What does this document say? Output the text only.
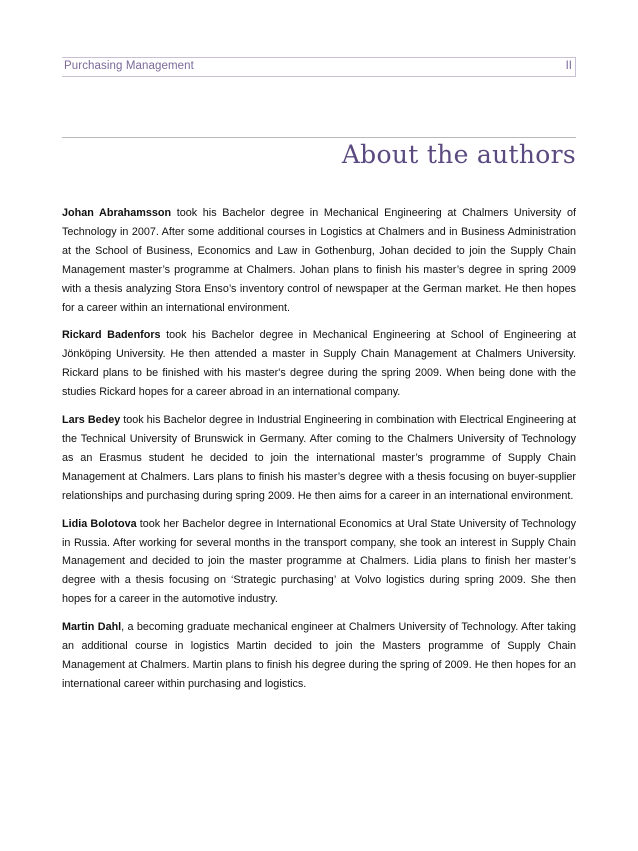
Purchasing Management	II
About the authors

Johan Abrahamsson took his Bachelor degree in Mechanical Engineering at Chalmers University of Technology in 2007. After some additional courses in Logistics at Chalmers and in Business Administration at the School of Business, Economics and Law in Gothenburg, Johan decided to join the Supply Chain Management master’s programme at Chalmers. Johan plans to finish his master’s degree in spring 2009 with a thesis analyzing Stora Enso’s inventory control of newspaper at the German market. He then hopes for a career within an international environment.

Rickard Badenfors took his Bachelor degree in Mechanical Engineering at School of Engineering at Jönköping University. He then attended a master in Supply Chain Management at Chalmers University. Rickard plans to be finished with his master's degree during the spring 2009. When being done with the studies Rickard hopes for a career abroad in an international company.

Lars Bedey took his Bachelor degree in Industrial Engineering in combination with Electrical Engineering at the Technical University of Brunswick in Germany. After coming to the Chalmers University of Technology as an Erasmus student he decided to join the international master’s programme of Supply Chain Management at Chalmers. Lars plans to finish his master’s degree with a thesis focusing on buyer-supplier relationships and purchasing during spring 2009. He then aims for a career in an international environment.

Lidia Bolotova took her Bachelor degree in International Economics at Ural State University of Technology in Russia. After working for several months in the transport company, she took an interest in Supply Chain Management and decided to join the master programme at Chalmers. Lidia plans to finish her master’s degree with a thesis focusing on ‘Strategic purchasing’ at Volvo logistics during spring 2009. She then hopes for a career in the automotive industry.

Martin Dahl, a becoming graduate mechanical engineer at Chalmers University of Technology. After taking an additional course in logistics Martin decided to join the Masters programme of Supply Chain Management at Chalmers. Martin plans to finish his degree during the spring of 2009. He then hopes for an international career within purchasing and logistics.
